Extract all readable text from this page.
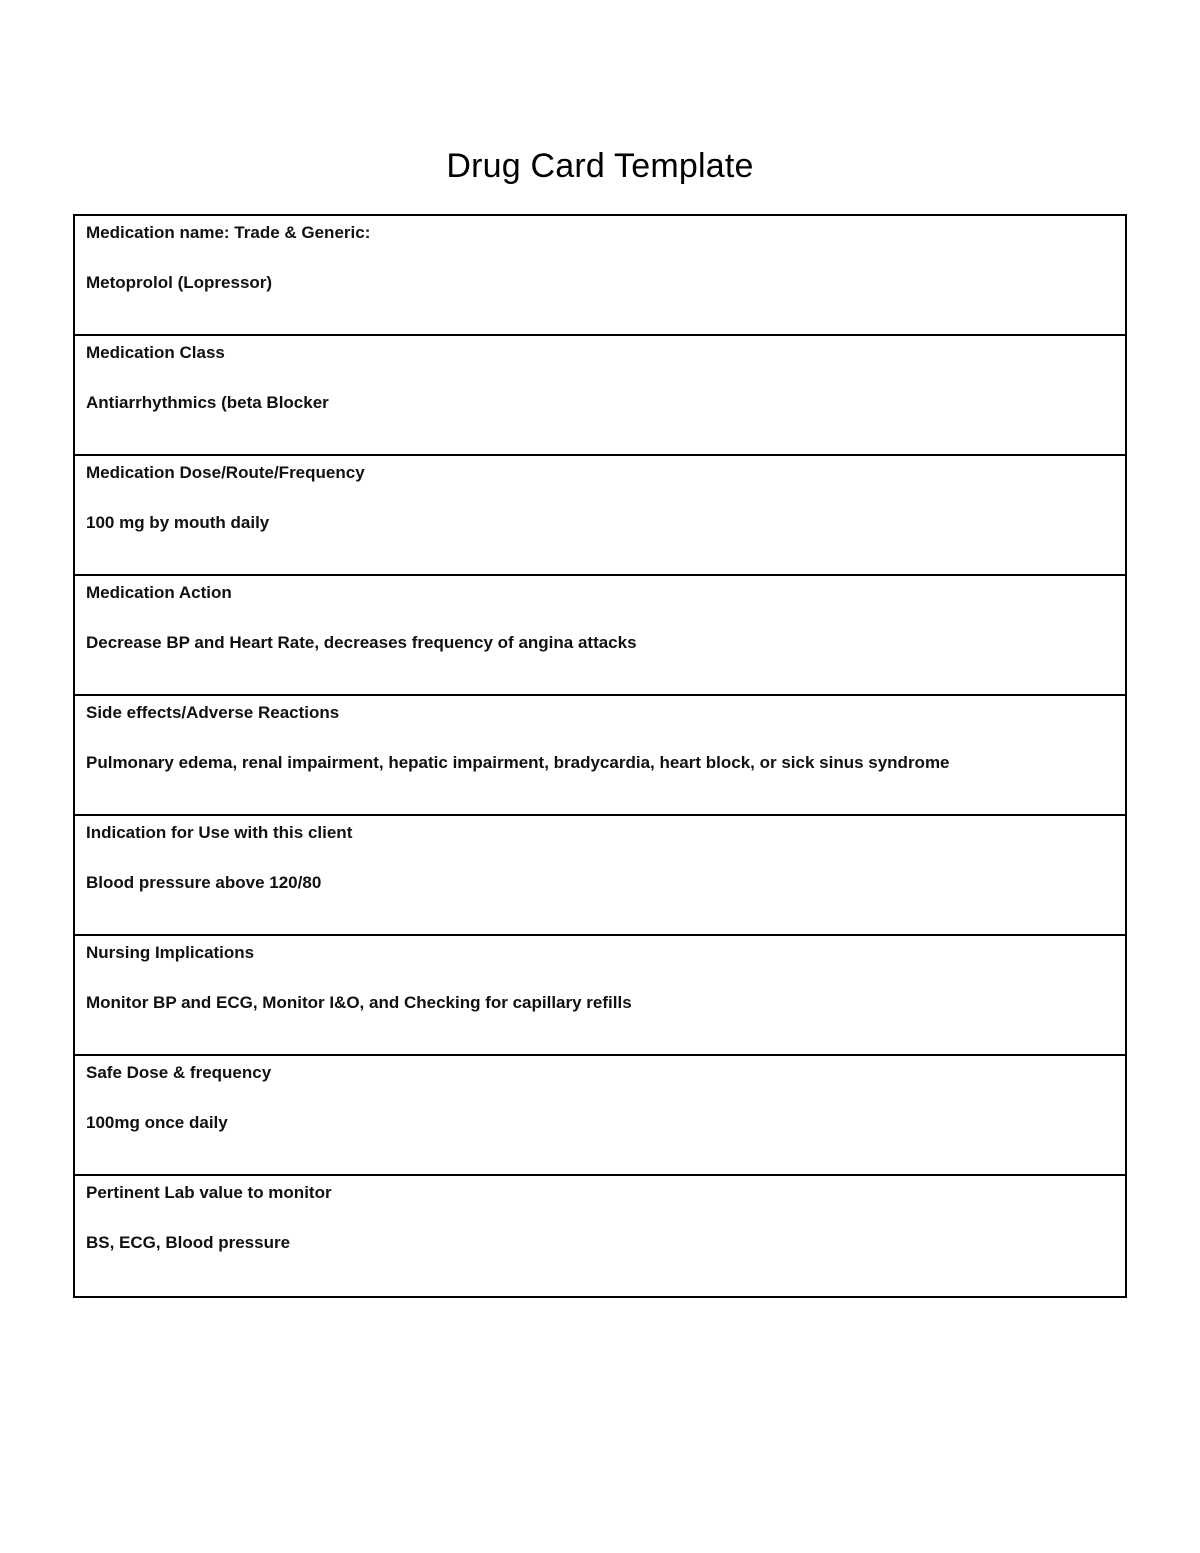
Drug Card Template
Medication name: Trade & Generic:
Metoprolol (Lopressor)
Medication Class
Antiarrhythmics (beta Blocker
Medication Dose/Route/Frequency
100 mg by mouth daily
Medication Action
Decrease BP and Heart Rate, decreases frequency of angina attacks
Side effects/Adverse Reactions
Pulmonary edema, renal impairment, hepatic impairment, bradycardia, heart block, or sick sinus syndrome
Indication for Use with this client
Blood pressure above 120/80
Nursing Implications
Monitor BP and ECG, Monitor I&O, and Checking for capillary refills
Safe Dose & frequency
100mg once daily
Pertinent Lab value to monitor
BS, ECG, Blood pressure
